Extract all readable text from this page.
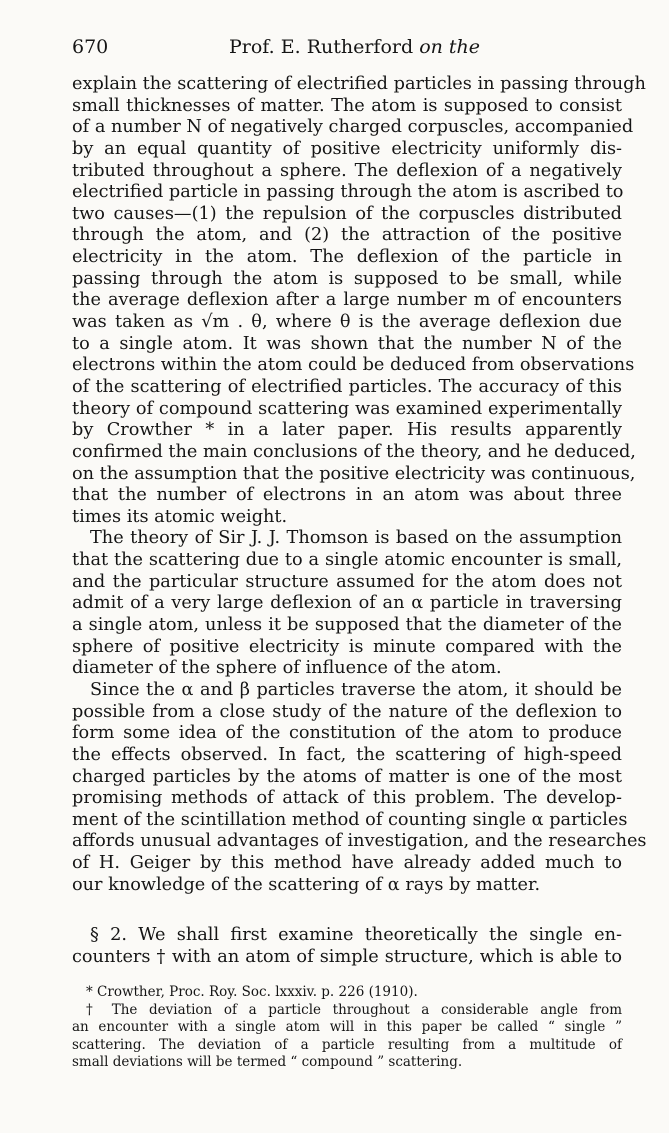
670	Prof. E. Rutherford on the
explain the scattering of electrified particles in passing through
small thicknesses of matter. The atom is supposed to consist
of a number N of negatively charged corpuscles, accompanied
by an equal quantity of positive electricity uniformly dis-
tributed throughout a sphere. The deflexion of a negatively
electrified particle in passing through the atom is ascribed to
two causes—(1) the repulsion of the corpuscles distributed
through the atom, and (2) the attraction of the positive
electricity in the atom. The deflexion of the particle in
passing through the atom is supposed to be small, while
the average deflexion after a large number m of encounters
was taken as √m . θ, where θ is the average deflexion due
to a single atom. It was shown that the number N of the
electrons within the atom could be deduced from observations
of the scattering of electrified particles. The accuracy of this
theory of compound scattering was examined experimentally
by Crowther * in a later paper. His results apparently
confirmed the main conclusions of the theory, and he deduced,
on the assumption that the positive electricity was continuous,
that the number of electrons in an atom was about three
times its atomic weight.
The theory of Sir J. J. Thomson is based on the assumption
that the scattering due to a single atomic encounter is small,
and the particular structure assumed for the atom does not
admit of a very large deflexion of an α particle in traversing
a single atom, unless it be supposed that the diameter of the
sphere of positive electricity is minute compared with the
diameter of the sphere of influence of the atom.
Since the α and β particles traverse the atom, it should be
possible from a close study of the nature of the deflexion to
form some idea of the constitution of the atom to produce
the effects observed. In fact, the scattering of high-speed
charged particles by the atoms of matter is one of the most
promising methods of attack of this problem. The develop-
ment of the scintillation method of counting single α particles
affords unusual advantages of investigation, and the researches
of H. Geiger by this method have already added much to
our knowledge of the scattering of α rays by matter.
§ 2. We shall first examine theoretically the single en-
counters † with an atom of simple structure, which is able to
* Crowther, Proc. Roy. Soc. lxxxiv. p. 226 (1910).
† The deviation of a particle throughout a considerable angle from
an encounter with a single atom will in this paper be called “ single ”
scattering. The deviation of a particle resulting from a multitude of
small deviations will be termed “ compound ” scattering.
